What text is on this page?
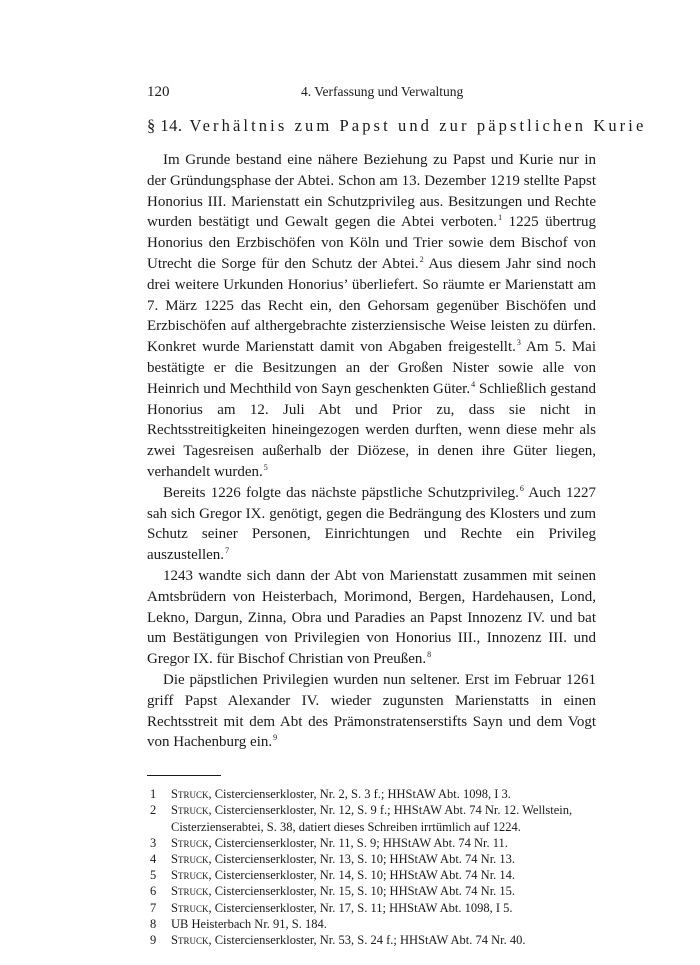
120	4. Verfassung und Verwaltung
§ 14. Verhältnis zum Papst und zur päpstlichen Kurie

Im Grunde bestand eine nähere Beziehung zu Papst und Kurie nur in der Gründungsphase der Abtei. Schon am 13. Dezember 1219 stellte Papst Honorius III. Marienstatt ein Schutzprivileg aus. Besitzungen und Rechte wurden bestätigt und Gewalt gegen die Abtei verboten.$^1$ 1225 übertrug Honorius den Erzbischöfen von Köln und Trier sowie dem Bischof von Utrecht die Sorge für den Schutz der Abtei.$^2$ Aus diesem Jahr sind noch drei weitere Urkunden Honorius’ überliefert. So räumte er Marienstatt am 7. März 1225 das Recht ein, den Gehorsam gegenüber Bischöfen und Erzbischöfen auf althergebrachte zisterziensische Weise leisten zu dürfen. Konkret wurde Marienstatt damit von Abgaben freigestellt.$^3$ Am 5. Mai bestätigte er die Besitzungen an der Großen Nister sowie alle von Heinrich und Mechthild von Sayn geschenkten Güter.$^4$ Schließlich gestand Honorius am 12. Juli Abt und Prior zu, dass sie nicht in Rechtsstreitigkeiten hineingezogen werden durften, wenn diese mehr als zwei Tagesreisen außerhalb der Diözese, in denen ihre Güter liegen, verhandelt wurden.$^5$

Bereits 1226 folgte das nächste päpstliche Schutzprivileg.$^6$ Auch 1227 sah sich Gregor IX. genötigt, gegen die Bedrängung des Klosters und zum Schutz seiner Personen, Einrichtungen und Rechte ein Privileg auszustellen.$^7$

1243 wandte sich dann der Abt von Marienstatt zusammen mit seinen Amtsbrüdern von Heisterbach, Morimond, Bergen, Hardehausen, Lond, Lekno, Dargun, Zinna, Obra und Paradies an Papst Innozenz IV. und bat um Bestätigungen von Privilegien von Honorius III., Innozenz III. und Gregor IX. für Bischof Christian von Preußen.$^8$

Die päpstlichen Privilegien wurden nun seltener. Erst im Februar 1261 griff Papst Alexander IV. wieder zugunsten Marienstatts in einen Rechtsstreit mit dem Abt des Prämonstratenserstifts Sayn und dem Vogt von Hachenburg ein.$^9$

1	Struck, Cistercienserkloster, Nr. 2, S. 3 f.; HHStAW Abt. 1098, I 3.
2	Struck, Cistercienserkloster, Nr. 12, S. 9 f.; HHStAW Abt. 74 Nr. 12. Wellstein, Cisterzienserabtei, S. 38, datiert dieses Schreiben irrtümlich auf 1224.
3	Struck, Cistercienserkloster, Nr. 11, S. 9; HHStAW Abt. 74 Nr. 11.
4	Struck, Cistercienserkloster, Nr. 13, S. 10; HHStAW Abt. 74 Nr. 13.
5	Struck, Cistercienserkloster, Nr. 14, S. 10; HHStAW Abt. 74 Nr. 14.
6	Struck, Cistercienserkloster, Nr. 15, S. 10; HHStAW Abt. 74 Nr. 15.
7	Struck, Cistercienserkloster, Nr. 17, S. 11; HHStAW Abt. 1098, I 5.
8	UB Heisterbach Nr. 91, S. 184.
9	Struck, Cistercienserkloster, Nr. 53, S. 24 f.; HHStAW Abt. 74 Nr. 40.
